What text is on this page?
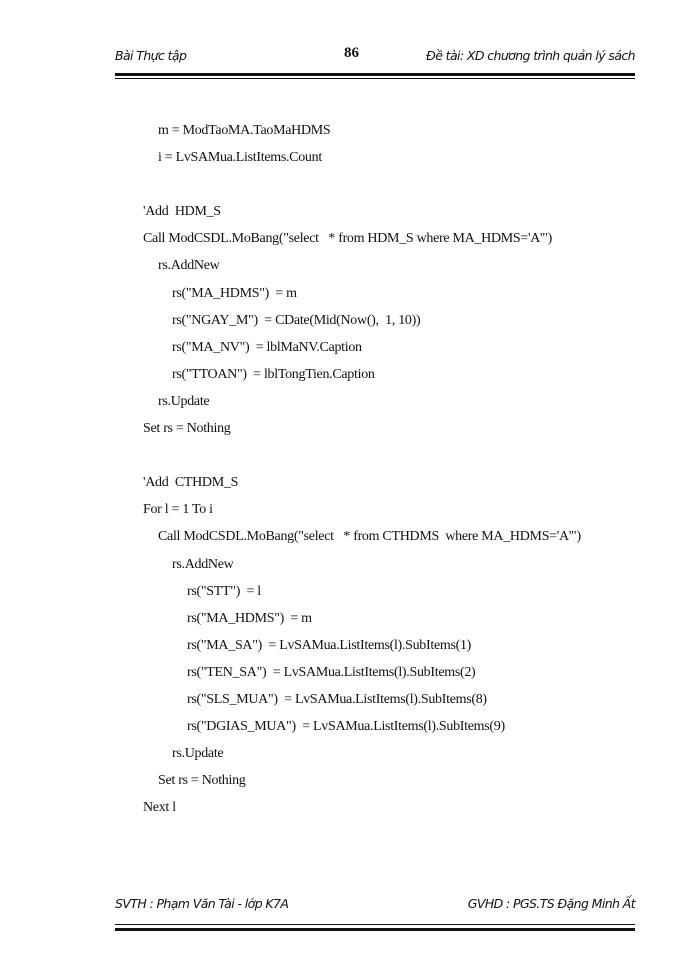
Bài Thực tập	86	Đề tài: XD chương trình quản lý sách
m = ModTaoMA.TaoMaHDMS
i = LvSAMua.ListItems.Count
'Add  HDM_S
Call ModCSDL.MoBang("select   * from HDM_S where MA_HDMS='A'")
rs.AddNew
rs("MA_HDMS")  = m
rs("NGAY_M")  = CDate(Mid(Now(),  1, 10))
rs("MA_NV")  = lblMaNV.Caption
rs("TTOAN")  = lblTongTien.Caption
rs.Update
Set rs = Nothing
'Add  CTHDM_S
For l = 1 To i
Call ModCSDL.MoBang("select   * from CTHDMS  where MA_HDMS='A'")
rs.AddNew
rs("STT")  = l
rs("MA_HDMS")  = m
rs("MA_SA")  = LvSAMua.ListItems(l).SubItems(1)
rs("TEN_SA")  = LvSAMua.ListItems(l).SubItems(2)
rs("SLS_MUA")  = LvSAMua.ListItems(l).SubItems(8)
rs("DGIAS_MUA")  = LvSAMua.ListItems(l).SubItems(9)
rs.Update
Set rs = Nothing
Next l
SVTH : Phạm Văn Tài - lớp K7A	GVHD : PGS.TS Đặng Minh Ất
